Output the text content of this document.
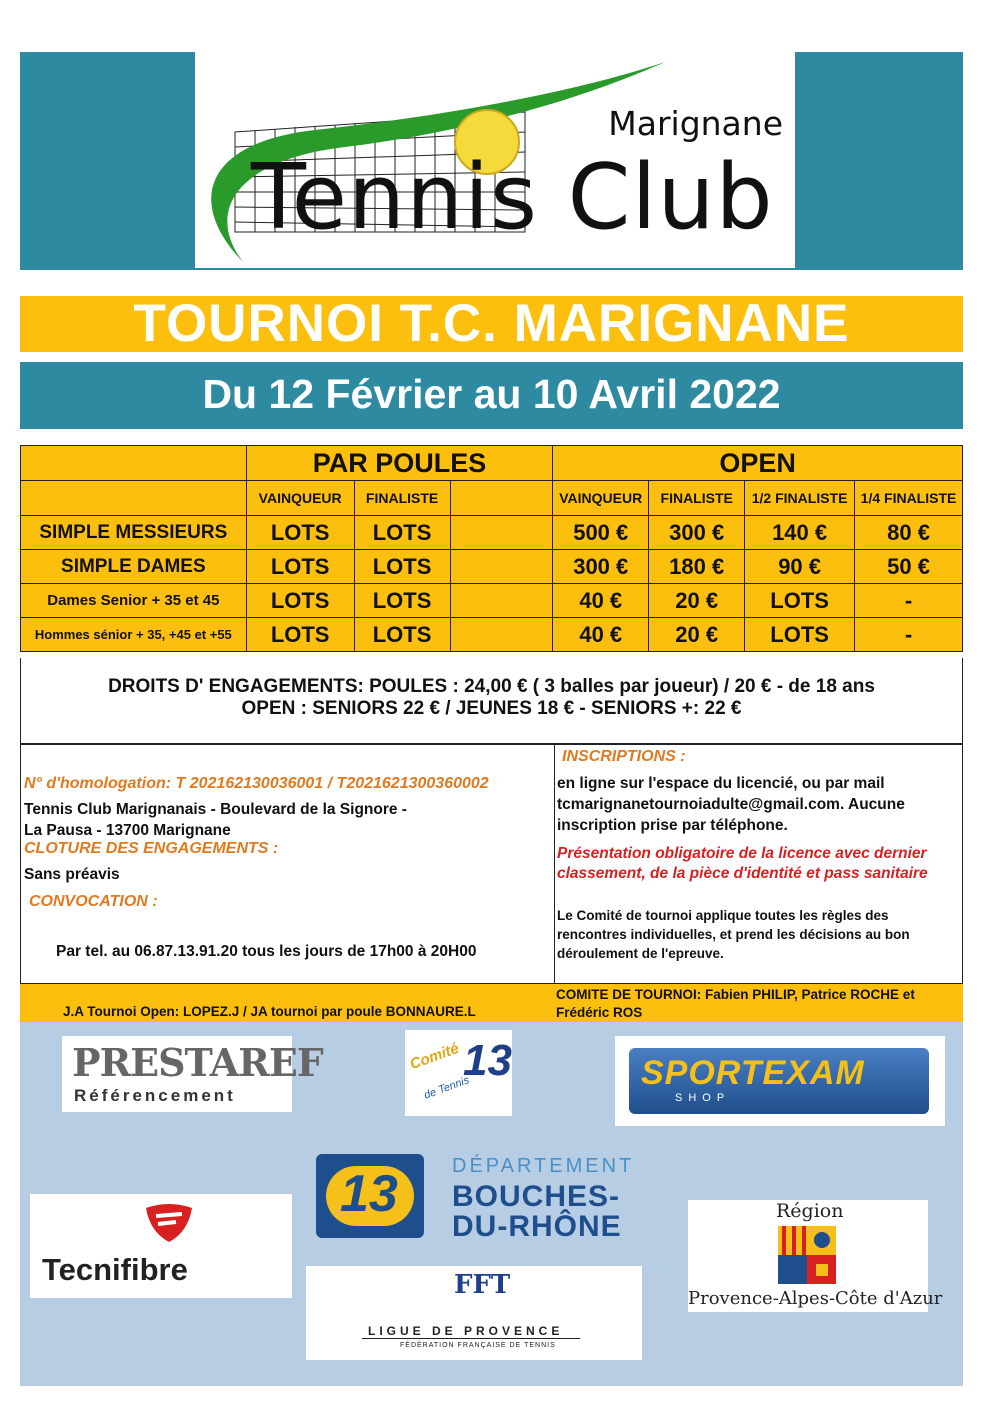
Marignane
Tennis Club
TOURNOI T.C. MARIGNANE
Du 12 Février au 10 Avril 2022
	PAR POULES			OPEN			
	VAINQUEUR	FINALISTE		VAINQUEUR	FINALISTE	1/2 FINALISTE	1/4 FINALISTE
SIMPLE MESSIEURS	LOTS	LOTS		500 €	300 €	140 €	80 €
SIMPLE DAMES	LOTS	LOTS		300 €	180 €	90 €	50 €
Dames Senior + 35 et 45	LOTS	LOTS		40 €	20 €	LOTS	-
Hommes sénior + 35, +45 et +55	LOTS	LOTS		40 €	20 €	LOTS	-
DROITS D' ENGAGEMENTS: POULES : 24,00 € ( 3 balles par joueur) / 20 € - de 18 ans
OPEN : SENIORS 22 € / JEUNES 18 € - SENIORS +: 22 €
N° d'homologation: T 202162130036001 / T2021621300360002
Tennis Club Marignanais - Boulevard de la Signore -
La Pausa - 13700 Marignane
CLOTURE DES ENGAGEMENTS :
Sans préavis
CONVOCATION :
Par tel. au 06.87.13.91.20 tous les jours de 17h00 à 20H00
INSCRIPTIONS :
en ligne sur l'espace du licencié, ou par mail
tcmarignanetournoiadulte@gmail.com. Aucune
inscription prise par téléphone.
Présentation obligatoire de la licence avec dernier
classement, de la pièce d'identité et pass sanitaire
Le Comité de tournoi applique toutes les règles des
rencontres individuelles, et prend les décisions au bon
déroulement de l'epreuve.
J.A Tournoi Open: LOPEZ.J / JA tournoi par poule BONNAURE.L
COMITE DE TOURNOI: Fabien PHILIP, Patrice ROCHE et
Frédéric ROS
PRESTAREF
Référencement
Comité
de Tennis
13	SPORTEXAM
SHOP
13	DÉPARTEMENT
BOUCHES-
DU-RHÔNE
Tecnifibre
Région
Provence-Alpes-Côte d'Azur
FFT
LIGUE DE PROVENCE
FÉDÉRATION FRANÇAISE DE TENNIS
